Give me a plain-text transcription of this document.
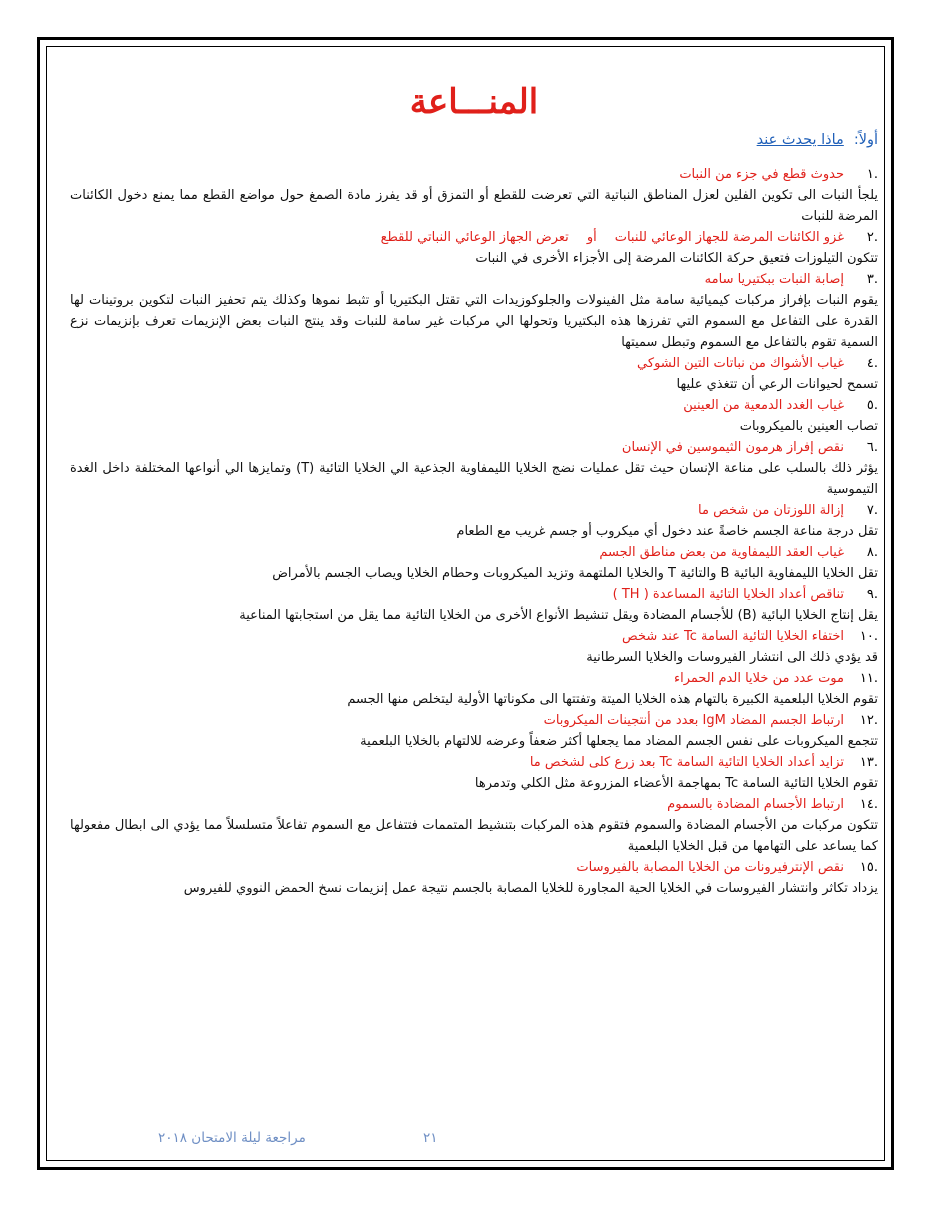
المنـــاعة
أولاً:ماذا يحدث عند
.١
حدوث قطع في جزء من النبات
يلجأ النبات الى تكوين الفلين لعزل المناطق النباتية التي تعرضت للقطع أو التمزق أو قد يفرز مادة الصمغ حول مواضع القطع مما يمنع دخول الكائنات المرضة للنبات
.٢
غزو الكائنات المرضة للجهاز الوعائي للنباتأوتعرض الجهاز الوعائي النباتي للقطع
تتكون التيلوزات فتعيق حركة الكائنات المرضة إلى الأجزاء الأخرى في النبات
.٣
إصابة النبات ببكتيريا سامه
يقوم النبات بإفراز مركبات كيميائية سامة مثل الفينولات والجلوكوزيدات التي تقتل البكتيريا أو تثبط نموها وكذلك يتم تحفيز النبات لتكوين بروتينات لها القدرة على التفاعل مع السموم التي تفرزها هذه البكتيريا وتحولها الي مركبات غير سامة للنبات وقد ينتج النبات بعض الإنزيمات تعرف بإنزيمات نزع السمية تقوم بالتفاعل مع السموم وتبطل سميتها
.٤
غياب الأشواك من نباتات التين الشوكي
تسمح لحيوانات الرعي أن تتغذي عليها
.٥
غياب الغدد الدمعية من العينين
تصاب العينين بالميكروبات
.٦
نقص إفراز هرمون الثيموسين في الإنسان
يؤثر ذلك بالسلب على مناعة الإنسان حيث تقل عمليات نضج الخلايا الليمفاوية الجذعية الي الخلايا التائية (T) وتمايزها الي أنواعها المختلفة داخل الغدة التيموسية
.٧
إزالة اللوزتان من شخص ما
تقل درجة مناعة الجسم خاصةً عند دخول أي ميكروب أو جسم غريب مع الطعام
.٨
غياب العقد الليمفاوية من بعض مناطق الجسم
تقل الخلايا الليمفاوية البائية B والتائية T والخلايا الملتهمة وتزيد الميكروبات وحطام الخلايا ويصاب الجسم بالأمراض
.٩
تناقص أعداد الخلايا التائية المساعدة ( TH )
يقل إنتاج الخلايا البائية (B) للأجسام المضادة ويقل تنشيط الأنواع الأخرى من الخلايا التائية مما يقل من استجابتها المناعية
.١٠
اختفاء الخلايا التائية السامة Tc عند شخص
قد يؤدي ذلك الى انتشار الفيروسات والخلايا السرطانية
.١١
موت عدد من خلايا الدم الحمراء
تقوم الخلايا البلعمية الكبيرة بالتهام هذه الخلايا الميتة وتفتتها الى مكوناتها الأولية ليتخلص منها الجسم
.١٢
ارتباط الجسم المضاد IgM بعدد من أنتجينات الميكروبات
تتجمع الميكروبات على نفس الجسم المضاد مما يجعلها أكثر ضعفاً وعرضه للالتهام بالخلايا البلعمية
.١٣
تزايد أعداد الخلايا التائية السامة Tc بعد زرع كلى لشخص ما
تقوم الخلايا التائية السامة Tc بمهاجمة الأعضاء المزروعة مثل الكلي وتدمرها
.١٤
ارتباط الأجسام المضادة بالسموم
تتكون مركبات من الأجسام المضادة والسموم فتقوم هذه المركبات بتنشيط المتممات فتتفاعل مع السموم تفاعلاً متسلسلاً مما يؤدي الى ابطال مفعولها كما يساعد على التهامها من قبل الخلايا البلعمية
.١٥
نقص الإنترفيرونات من الخلايا المصابة بالفيروسات
يزداد تكاثر وانتشار الفيروسات في الخلايا الحية المجاورة للخلايا المصابة بالجسم نتيجة عمل إنزيمات نسخ الحمض النووي للفيروس
٢١
مراجعة ليلة الامتحان ٢٠١٨
